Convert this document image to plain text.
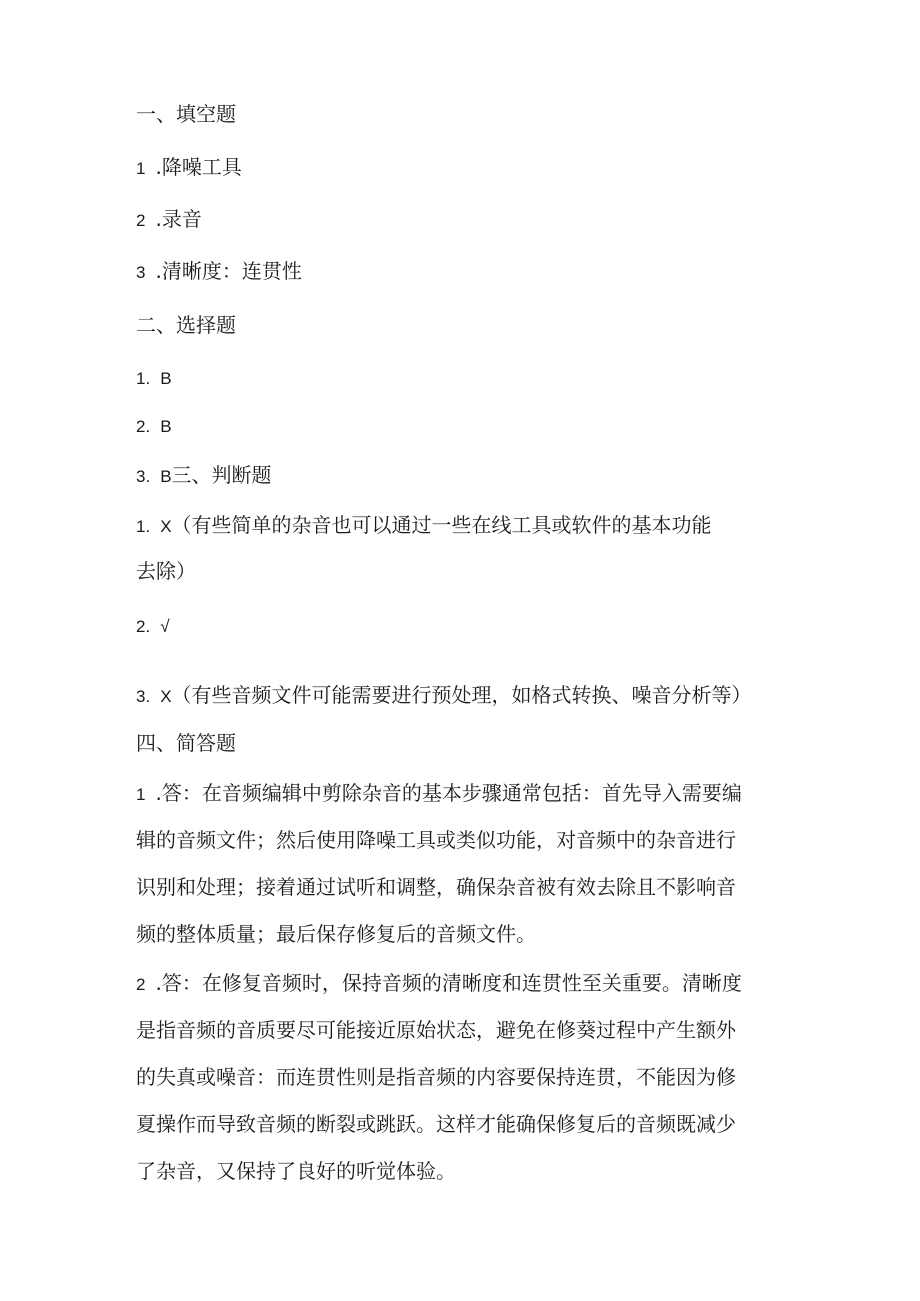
一、填空题
1 .降噪工具
2 .录音
3 .清晰度：连贯性
二、选择题
1. B
2. B
3. B三、判断题
1. X（有些简单的杂音也可以通过一些在线工具或软件的基本功能
去除）
2. √
3. X（有些音频文件可能需要进行预处理，如格式转换、噪音分析等）
四、简答题
1 .答：在音频编辑中剪除杂音的基本步骤通常包括：首先导入需要编
辑的音频文件；然后使用降噪工具或类似功能，对音频中的杂音进行
识别和处理；接着通过试听和调整，确保杂音被有效去除且不影响音
频的整体质量；最后保存修复后的音频文件。
2 .答：在修复音频时，保持音频的清晰度和连贯性至关重要。清晰度
是指音频的音质要尽可能接近原始状态，避免在修葵过程中产生额外
的失真或噪音：而连贯性则是指音频的内容要保持连贯，不能因为修
夏操作而导致音频的断裂或跳跃。这样才能确保修复后的音频既减少
了杂音，又保持了良好的听觉体验。
